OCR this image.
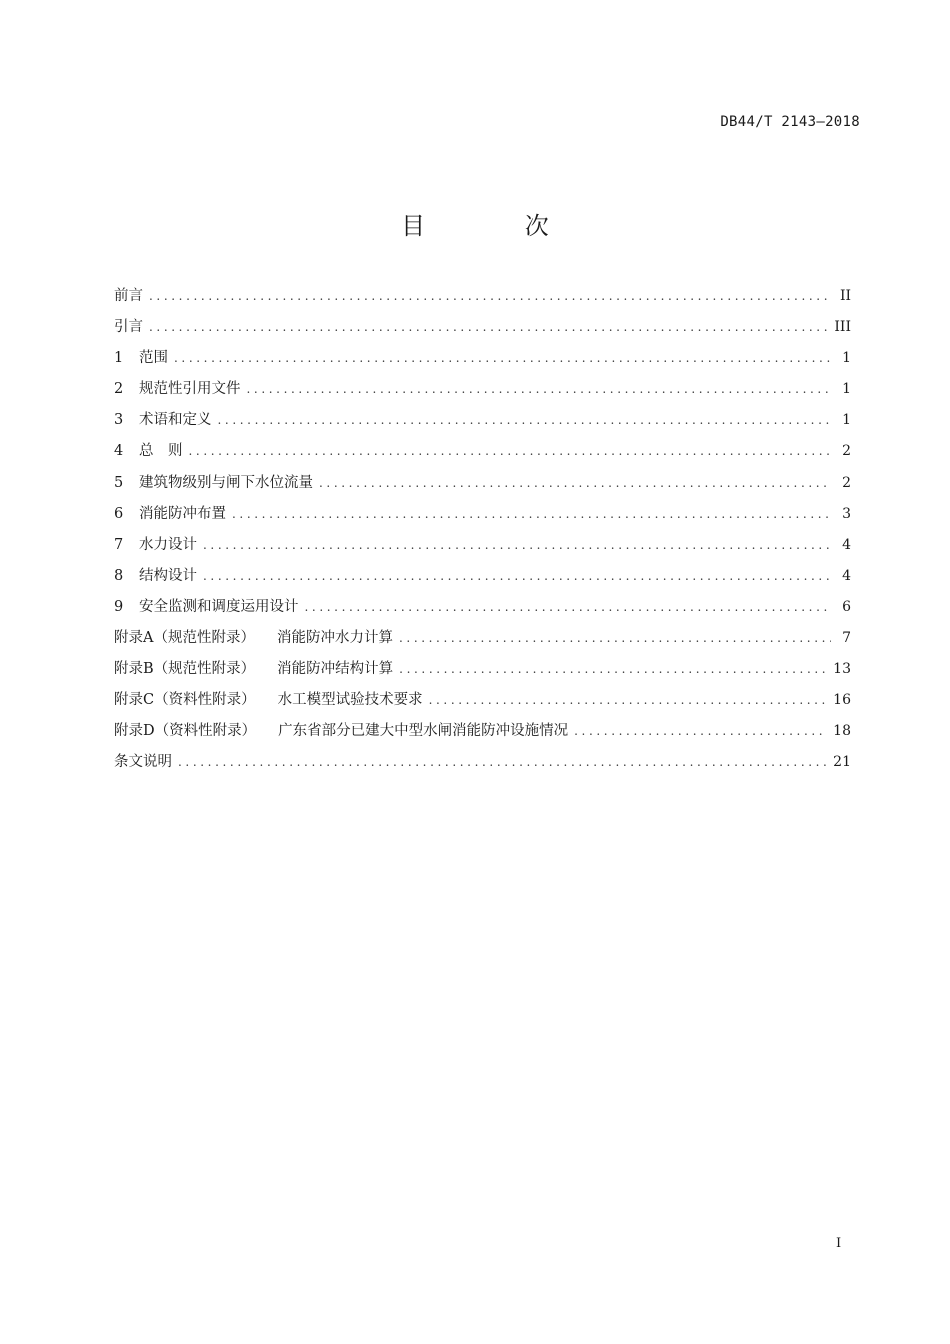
DB44/T 2143—2018
目 次
前言 .....	II
引言 .....	III
1 范围 .....	1
2 规范性引用文件 .....	1
3 术语和定义 .....	1
4 总　则 .....	2
5 建筑物级别与闸下水位流量 .....	2
6 消能防冲布置 .....	3
7 水力设计 .....	4
8 结构设计 .....	4
9 安全监测和调度运用设计 .....	6
附录A（规范性附录） 消能防冲水力计算 .....	7
附录B（规范性附录） 消能防冲结构计算 .....	13
附录C（资料性附录） 水工模型试验技术要求 .....	16
附录D（资料性附录） 广东省部分已建大中型水闸消能防冲设施情况 .....	18
条文说明 .....	21
I
